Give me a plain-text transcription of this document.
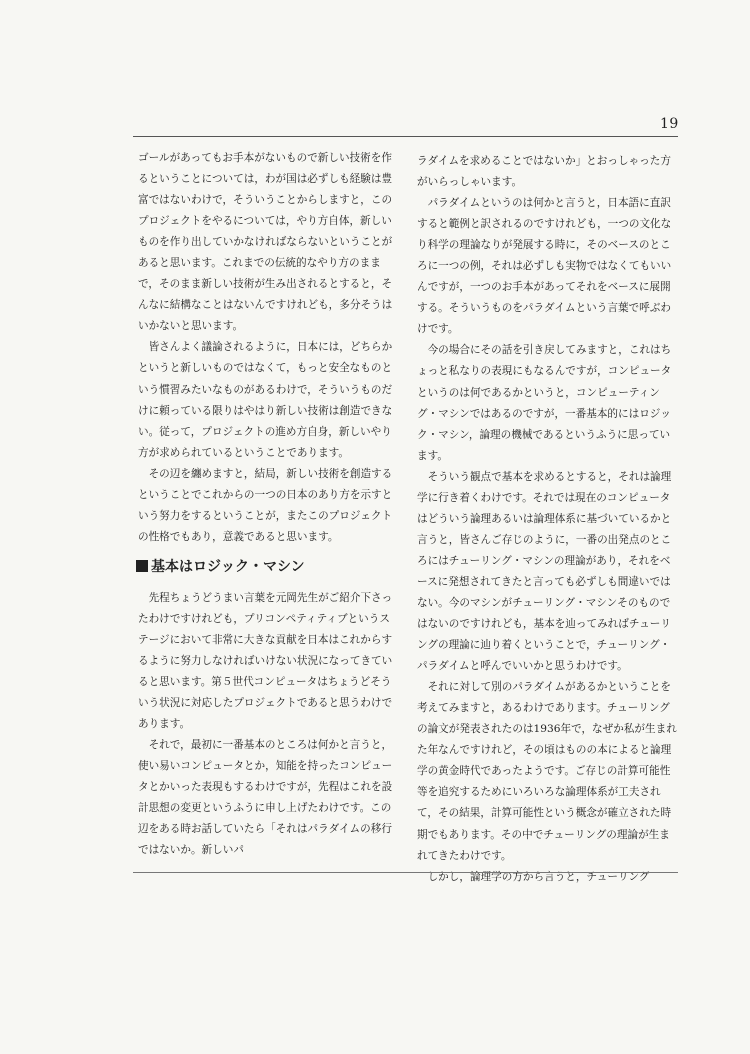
19

ゴールがあってもお手本がないもので新しい技術を作るということについては，わが国は必ずしも経験は豊富ではないわけで，そういうことからしますと，このプロジェクトをやるについては，やり方自体，新しいものを作り出していかなければならないということがあると思います。これまでの伝統的なやり方のままで，そのまま新しい技術が生み出されるとすると，そんなに結構なことはないんですけれども，多分そうはいかないと思います。

皆さんよく議論されるように，日本には，どちらかというと新しいものではなくて，もっと安全なものという慣習みたいなものがあるわけで，そういうものだけに頼っている限りはやはり新しい技術は創造できない。従って，プロジェクトの進め方自身，新しいやり方が求められているということであります。

その辺を纏めますと，結局，新しい技術を創造するということでこれからの一つの日本のあり方を示すという努力をするということが，またこのプロジェクトの性格でもあり，意義であると思います。

基本はロジック・マシン

先程ちょうどうまい言葉を元岡先生がご紹介下さったわけですけれども，プリコンペティティブというステージにおいて非常に大きな貢献を日本はこれからするように努力しなければいけない状況になってきていると思います。第５世代コンピュータはちょうどそういう状況に対応したプロジェクトであると思うわけであります。

それで，最初に一番基本のところは何かと言うと，使い易いコンピュータとか，知能を持ったコンピュータとかいった表現もするわけですが，先程はこれを設計思想の変更というふうに申し上げたわけです。この辺をある時お話していたら「それはパラダイムの移行ではないか。新しいパ

ラダイムを求めることではないか」とおっしゃった方がいらっしゃいます。

パラダイムというのは何かと言うと，日本語に直訳すると範例と訳されるのですけれども，一つの文化なり科学の理論なりが発展する時に，そのベースのところに一つの例，それは必ずしも実物ではなくてもいいんですが，一つのお手本があってそれをベースに展開する。そういうものをパラダイムという言葉で呼ぶわけです。

今の場合にその話を引き戻してみますと，これはちょっと私なりの表現にもなるんですが，コンピュータというのは何であるかというと，コンピューティング・マシンではあるのですが，一番基本的にはロジック・マシン，論理の機械であるというふうに思っています。

そういう観点で基本を求めるとすると，それは論理学に行き着くわけです。それでは現在のコンピュータはどういう論理あるいは論理体系に基づいているかと言うと，皆さんご存じのように，一番の出発点のところにはチューリング・マシンの理論があり，それをベースに発想されてきたと言っても必ずしも間違いではない。今のマシンがチューリング・マシンそのものではないのですけれども，基本を辿ってみればチューリングの理論に辿り着くということで，チューリング・パラダイムと呼んでいいかと思うわけです。

それに対して別のパラダイムがあるかということを考えてみますと，あるわけであります。チューリングの論文が発表されたのは1936年で，なぜか私が生まれた年なんですけれど，その頃はものの本によると論理学の黄金時代であったようです。ご存じの計算可能性等を追究するためにいろいろな論理体系が工夫されて，その結果，計算可能性という概念が確立された時期でもあります。その中でチューリングの理論が生まれてきたわけです。

しかし，論理学の方から言うと，チューリング
